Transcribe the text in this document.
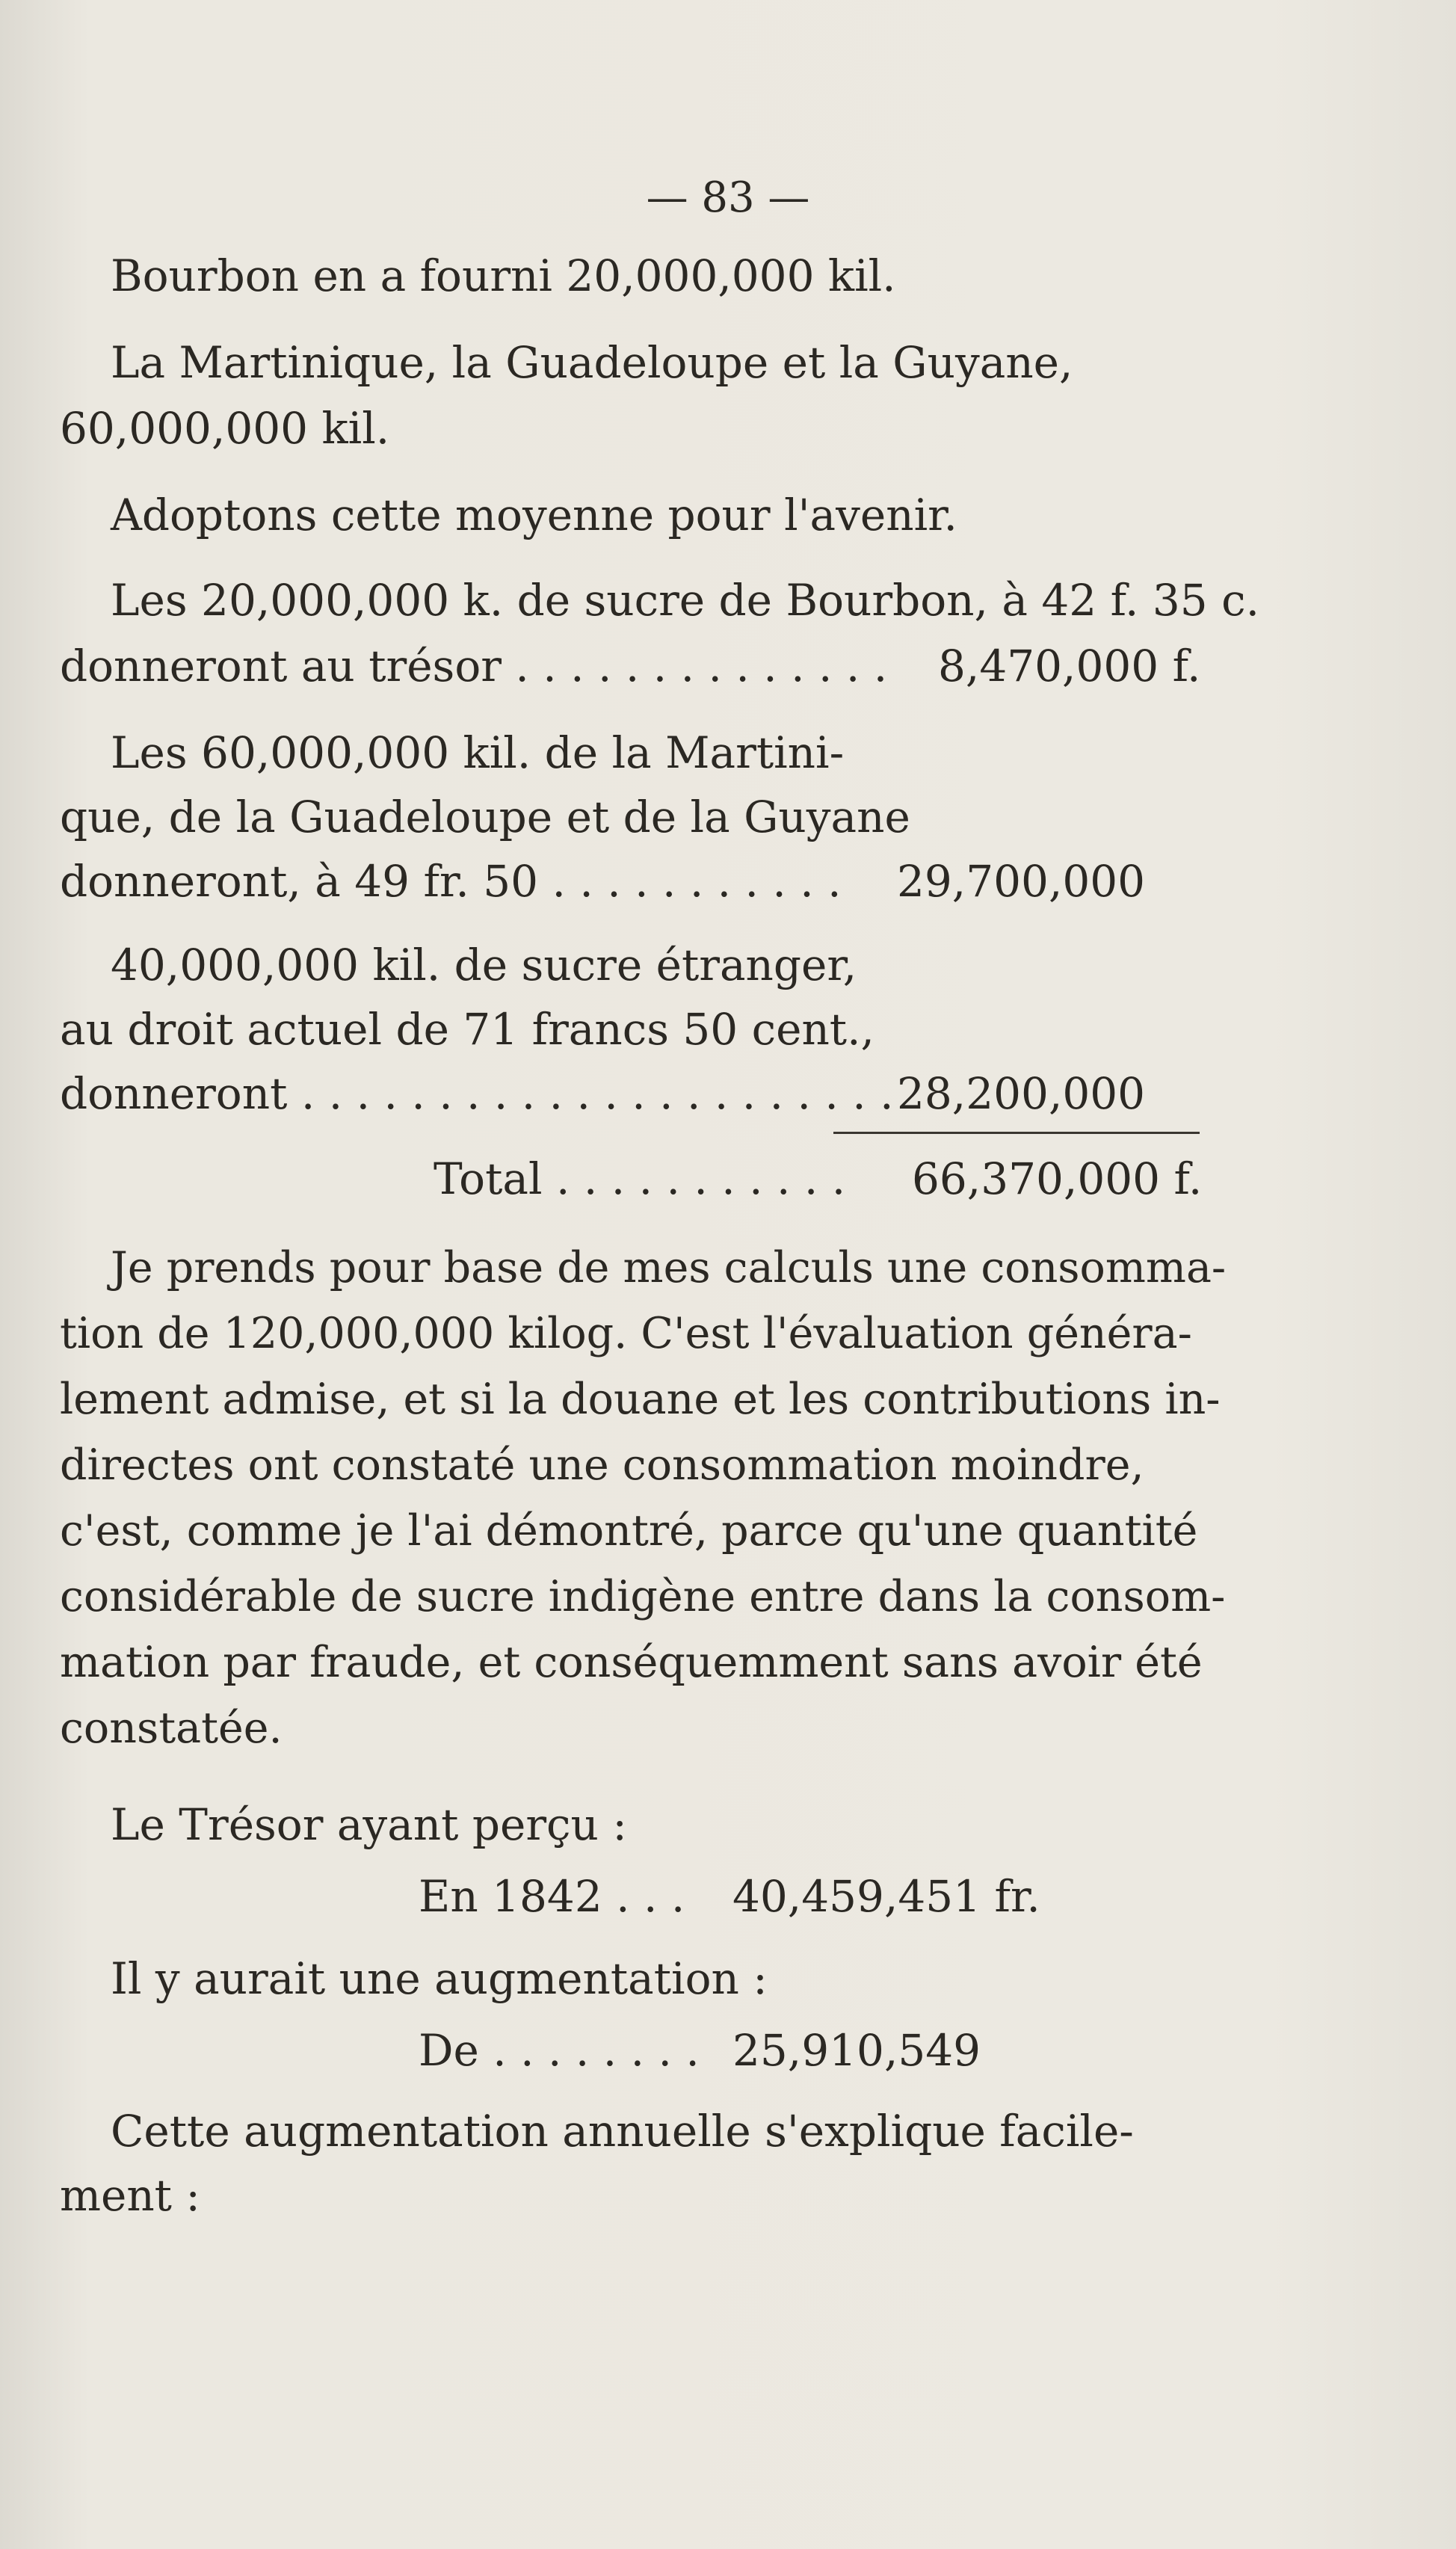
— 83 —
Bourbon en a fourni 20,000,000 kil.
La Martinique, la Guadeloupe et la Guyane,
60,000,000 kil.
Adoptons cette moyenne pour l'avenir.
Les 20,000,000 k. de sucre de Bourbon, à 42 f. 35 c.
donneront au trésor . . . . . . . . . . . . . . 8,470,000 f.
Les 60,000,000 kil. de la Martini-
que, de la Guadeloupe et de la Guyane
donneront, à 49 fr. 50 . . . . . . . . . . . 29,700,000
40,000,000 kil. de sucre étranger,
au droit actuel de 71 francs 50 cent.,
donneront . . . . . . . . . . . . . . . . . . . . . . 28,200,000
Total . . . . . . . . . . . 66,370,000 f.
Je prends pour base de mes calculs une consomma-
tion de 120,000,000 kilog. C'est l'évaluation généra-
lement admise, et si la douane et les contributions in-
directes ont constaté une consommation moindre,
c'est, comme je l'ai démontré, parce qu'une quantité
considérable de sucre indigène entre dans la consom-
mation par fraude, et conséquemment sans avoir été
constatée.
Le Trésor ayant perçu :
En 1842 . . . 40,459,451 fr.
Il y aurait une augmentation :
De . . . . . . . . 25,910,549
Cette augmentation annuelle s'explique facile-
ment :
